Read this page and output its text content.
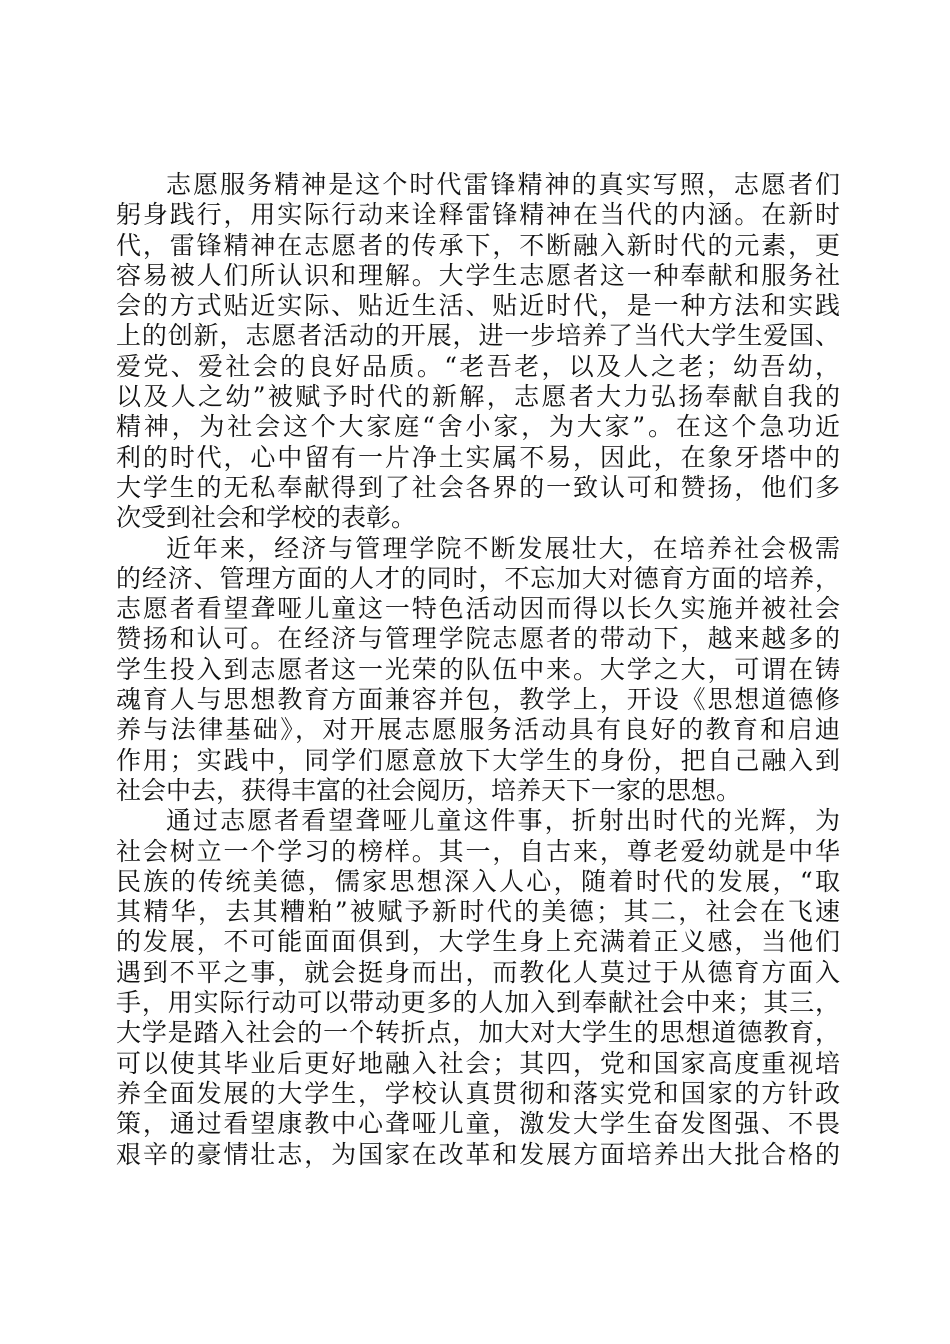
志愿服务精神是这个时代雷锋精神的真实写照，志愿者们
躬身践行，用实际行动来诠释雷锋精神在当代的内涵。在新时
代，雷锋精神在志愿者的传承下，不断融入新时代的元素，更
容易被人们所认识和理解。大学生志愿者这一种奉献和服务社
会的方式贴近实际、贴近生活、贴近时代，是一种方法和实践
上的创新，志愿者活动的开展，进一步培养了当代大学生爱国、
爱党、爱社会的良好品质。“老吾老，以及人之老；幼吾幼，
以及人之幼”被赋予时代的新解，志愿者大力弘扬奉献自我的
精神，为社会这个大家庭“舍小家，为大家”。在这个急功近
利的时代，心中留有一片净土实属不易，因此，在象牙塔中的
大学生的无私奉献得到了社会各界的一致认可和赞扬，他们多
次受到社会和学校的表彰。

近年来，经济与管理学院不断发展壮大，在培养社会极需
的经济、管理方面的人才的同时，不忘加大对德育方面的培养，
志愿者看望聋哑儿童这一特色活动因而得以长久实施并被社会
赞扬和认可。在经济与管理学院志愿者的带动下，越来越多的
学生投入到志愿者这一光荣的队伍中来。大学之大，可谓在铸
魂育人与思想教育方面兼容并包，教学上，开设《思想道德修
养与法律基础》，对开展志愿服务活动具有良好的教育和启迪
作用；实践中，同学们愿意放下大学生的身份，把自己融入到
社会中去，获得丰富的社会阅历，培养天下一家的思想。

通过志愿者看望聋哑儿童这件事，折射出时代的光辉，为
社会树立一个学习的榜样。其一，自古来，尊老爱幼就是中华
民族的传统美德，儒家思想深入人心，随着时代的发展，“取
其精华，去其糟粕”被赋予新时代的美德；其二，社会在飞速
的发展，不可能面面俱到，大学生身上充满着正义感，当他们
遇到不平之事，就会挺身而出，而教化人莫过于从德育方面入
手，用实际行动可以带动更多的人加入到奉献社会中来；其三，
大学是踏入社会的一个转折点，加大对大学生的思想道德教育，
可以使其毕业后更好地融入社会；其四，党和国家高度重视培
养全面发展的大学生，学校认真贯彻和落实党和国家的方针政
策，通过看望康教中心聋哑儿童，激发大学生奋发图强、不畏
艰辛的豪情壮志，为国家在改革和发展方面培养出大批合格的
